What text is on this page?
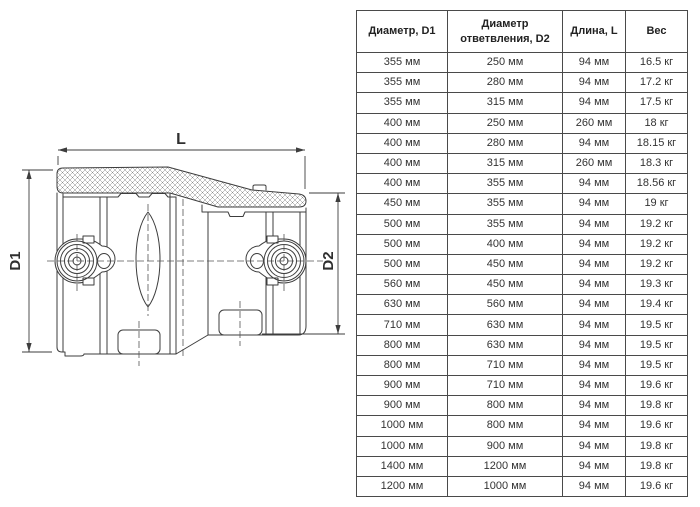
L
D1	D2
Диаметр, D1	Диаметр ответвления, D2	Длина, L	Вес
355 мм	250 мм	94 мм	16.5 кг
355 мм	280 мм	94 мм	17.2 кг
355 мм	315 мм	94 мм	17.5 кг
400 мм	250 мм	260 мм	18 кг
400 мм	280 мм	94 мм	18.15 кг
400 мм	315 мм	260 мм	18.3 кг
400 мм	355 мм	94 мм	18.56 кг
450 мм	355 мм	94 мм	19 кг
500 мм	355 мм	94 мм	19.2 кг
500 мм	400 мм	94 мм	19.2 кг
500 мм	450 мм	94 мм	19.2 кг
560 мм	450 мм	94 мм	19.3 кг
630 мм	560 мм	94 мм	19.4 кг
710 мм	630 мм	94 мм	19.5 кг
800 мм	630 мм	94 мм	19.5 кг
800 мм	710 мм	94 мм	19.5 кг
900 мм	710 мм	94 мм	19.6 кг
900 мм	800 мм	94 мм	19.8 кг
1000 мм	800 мм	94 мм	19.6 кг
1000 мм	900 мм	94 мм	19.8 кг
1400 мм	1200 мм	94 мм	19.8 кг
1200 мм	1000 мм	94 мм	19.6 кг
